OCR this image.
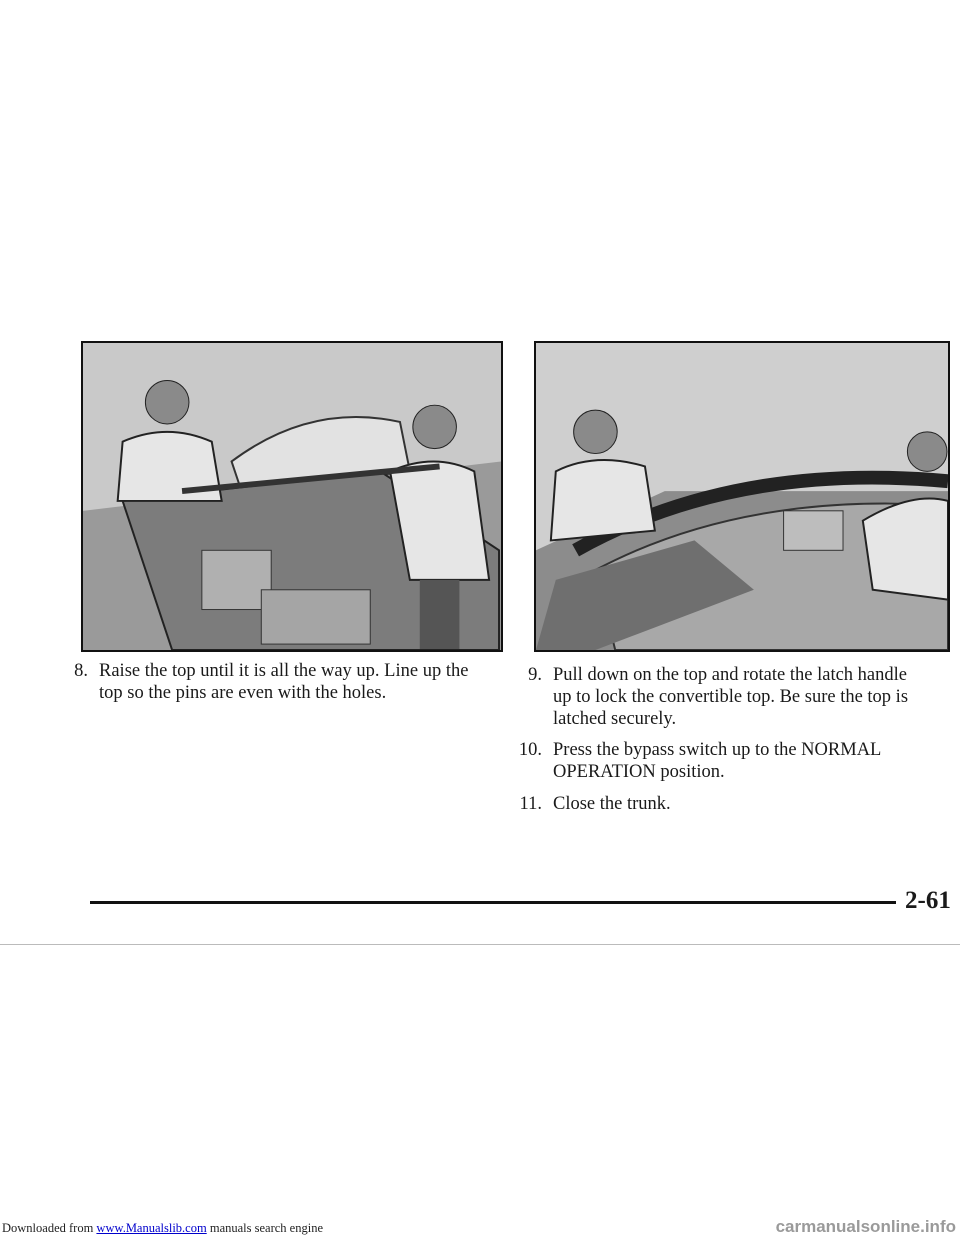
8. Raise the top until it is all the way up. Line up the top so the pins are even with the holes.
9. Pull down on the top and rotate the latch handle up to lock the convertible top. Be sure the top is latched securely.
10. Press the bypass switch up to the NORMAL OPERATION position.
11. Close the trunk.
2-61
Downloaded from www.Manualslib.com manuals search engine	carmanualsonline.info
